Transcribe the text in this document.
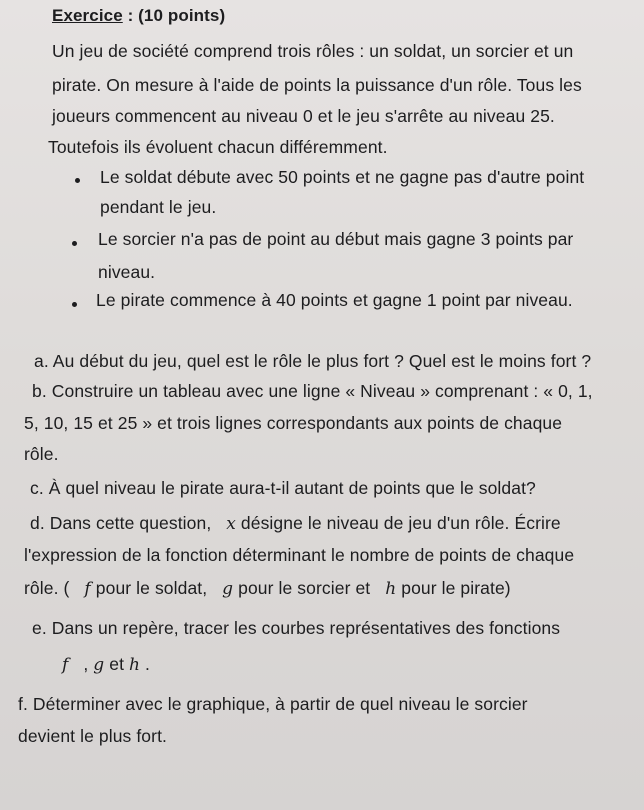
Exercice : (10 points)
Un jeu de société comprend trois rôles : un soldat, un sorcier et un
pirate. On mesure à l'aide de points la puissance d'un rôle. Tous les
joueurs commencent au niveau 0 et le jeu s'arrête au niveau 25.
Toutefois ils évoluent chacun différemment.
Le soldat débute avec 50 points et ne gagne pas d'autre point
pendant le jeu.
Le sorcier n'a pas de point au début mais gagne 3 points par
niveau.
Le pirate commence à 40 points et gagne 1 point par niveau.
a. Au début du jeu, quel est le rôle le plus fort ? Quel est le moins fort ?
b. Construire un tableau avec une ligne « Niveau » comprenant : « 0, 1,
5, 10, 15 et 25 » et trois lignes correspondants aux points de chaque
rôle.
c. À quel niveau le pirate aura-t-il autant de points que le soldat?
d. Dans cette question, x désigne le niveau de jeu d'un rôle. Écrire
l'expression de la fonction déterminant le nombre de points de chaque
rôle. ( f pour le soldat, g pour le sorcier et h pour le pirate)
e. Dans un repère, tracer les courbes représentatives des fonctions
f , g et h .
f. Déterminer avec le graphique, à partir de quel niveau le sorcier
devient le plus fort.
